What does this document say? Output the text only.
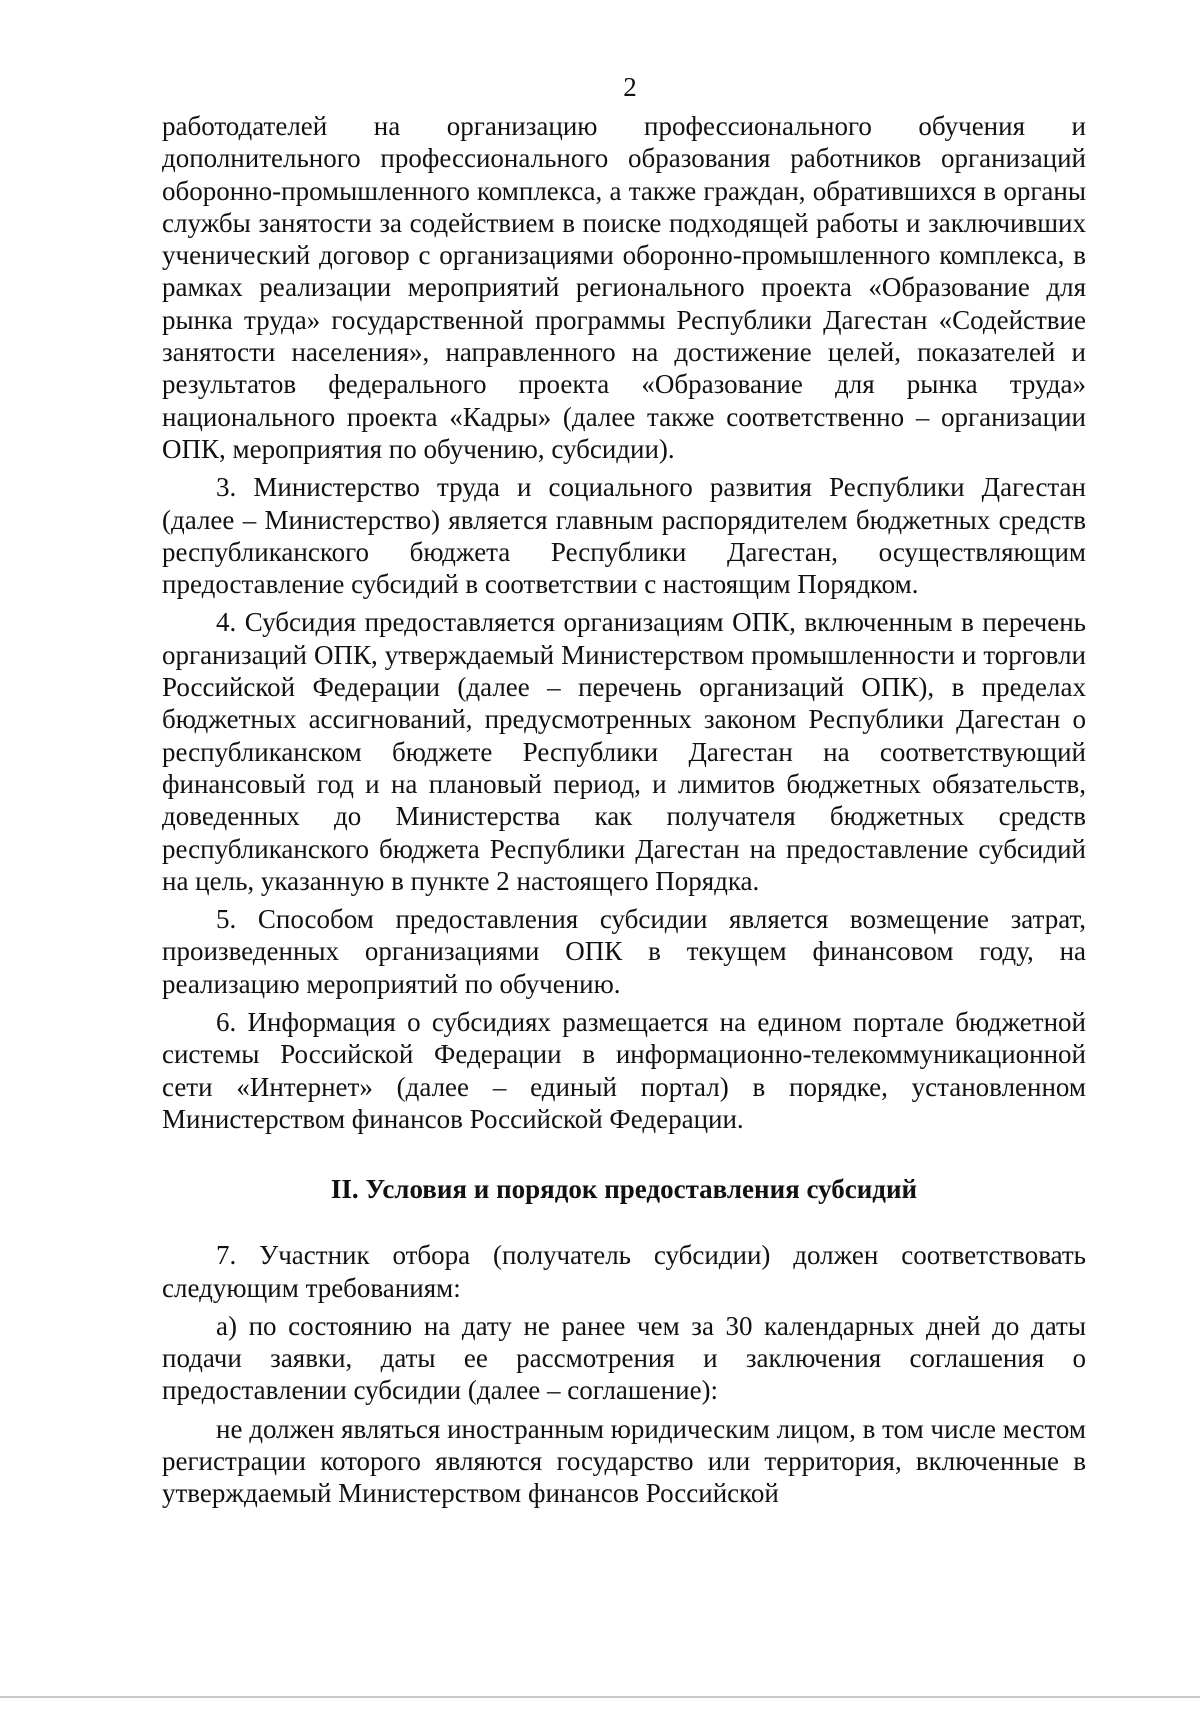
2

работодателей на организацию профессионального обучения и дополнительного профессионального образования работников организаций оборонно-промышленного комплекса, а также граждан, обратившихся в органы службы занятости за содействием в поиске подходящей работы и заключивших ученический договор с организациями оборонно-промышленного комплекса, в рамках реализации мероприятий регионального проекта «Образование для рынка труда» государственной программы Республики Дагестан «Содействие занятости населения», направленного на достижение целей, показателей и результатов федерального проекта «Образование для рынка труда» национального проекта «Кадры» (далее также соответственно – организации ОПК, мероприятия по обучению, субсидии).

3. Министерство труда и социального развития Республики Дагестан (далее – Министерство) является главным распорядителем бюджетных средств республиканского бюджета Республики Дагестан, осуществляющим предоставление субсидий в соответствии с настоящим Порядком.

4. Субсидия предоставляется организациям ОПК, включенным в перечень организаций ОПК, утверждаемый Министерством промышленности и торговли Российской Федерации (далее – перечень организаций ОПК), в пределах бюджетных ассигнований, предусмотренных законом Республики Дагестан о республиканском бюджете Республики Дагестан на соответствующий финансовый год и на плановый период, и лимитов бюджетных обязательств, доведенных до Министерства как получателя бюджетных средств республиканского бюджета Республики Дагестан на предоставление субсидий на цель, указанную в пункте 2 настоящего Порядка.

5. Способом предоставления субсидии является возмещение затрат, произведенных организациями ОПК в текущем финансовом году, на реализацию мероприятий по обучению.

6. Информация о субсидиях размещается на едином портале бюджетной системы Российской Федерации в информационно-телекоммуникационной сети «Интернет» (далее – единый портал) в порядке, установленном Министерством финансов Российской Федерации.

II. Условия и порядок предоставления субсидий

7. Участник отбора (получатель субсидии) должен соответствовать следующим требованиям:

а) по состоянию на дату не ранее чем за 30 календарных дней до даты подачи заявки, даты ее рассмотрения и заключения соглашения о предоставлении субсидии (далее – соглашение):

не должен являться иностранным юридическим лицом, в том числе местом регистрации которого являются государство или территория, включенные в утверждаемый Министерством финансов Российской
